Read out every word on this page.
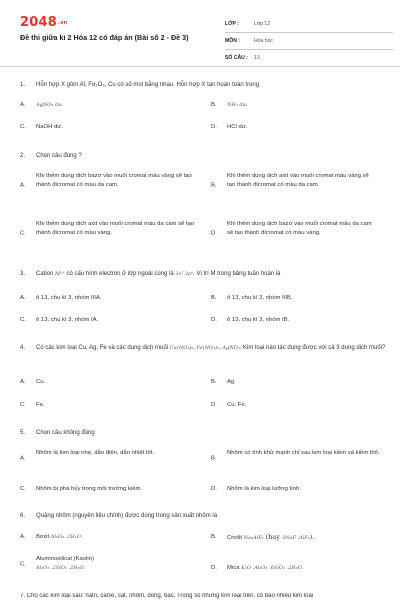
2048.vn
Đề thi giữa kì 2 Hóa 12 có đáp án (Bài số 2 - Đề 3)
LỚP :	Lớp 12
MÔN :	Hóa học
SỐ CÂU :	13
1. Hỗn hợp X gồm Al, Fe₂O₃, Cu có số mol bằng nhau. Hỗn hợp X tan hoàn toàn trong
A. AgNO₃ dư.	B. NH₃ dư.
C. NaOH dư.	D. HCl dư.
2. Chọn câu đúng ?
A.
Khi thêm dung dịch bazơ vào muối cromat màu vàng sẽ tạo thành đicromat có màu da cam.	B.
Khi thêm dung dịch axit vào muối cromat màu vàng sẽ tạo thành đicromat có màu da cam.
C.
Khi thêm dung dịch axit vào muối cromat màu da cam sẽ tạo thành đicromat có màu vàng.	D.
Khi thêm dung dịch bazơ vào muối cromat màu da cam sẽ tạo thành đicromat có màu vàng.
3. Cation M³⁺ có cấu hình electron ở lớp ngoài cùng là 2s² 2p⁶. Vị trí M trong bảng tuần hoàn là
A. ô 13, chu kì 3, nhóm IIIA.	B. ô 13, chu kì 3, nhóm IIIB.
C. ô 13, chu kì 3, nhóm IA.	D. ô 13, chu kì 3, nhóm IB.
4. Có các kim loại Cu, Ag, Fe và các dung dịch muối Cu(NO₃)₂, Fe(NO₃)₃, AgNO₃. Kim loại nào tác dụng được với cả 3 dung dịch muối?
A. Cu.	B. Ag.
C. Fe.	D. Cu, Fe.
5. Chọn câu không đúng
A.
Nhôm là kim loại nhẹ, dẫn điện, dẫn nhiệt tốt.
B.
Nhôm có tính khử mạnh chỉ sau kim loại kiềm và kiềm thổ.
C. Nhôm bị phá hủy trong môi trường kiềm.	D. Nhôm là kim loại lưỡng tính.
6. Quặng nhôm (nguyên liệu chính) được dùng trong sản xuất nhôm là
A. Boxit Al₂O₃ .2H₂O.	B. Criolit Na₃AlF₆ (hay 3NaF .AlF₃).
C.
Aluminosilicat (Kaolin)
Al₂O₃ .2SiO₂ .2H₂O.	D. Mica K₂O .Al₂O₃ .6SiO₂ .2H₂O.
7. Cho các kim loại sau: natri, canxi, sắt, nhôm, đồng, bạc. Trong số những kim loại trên, có bao nhiêu kim loại
